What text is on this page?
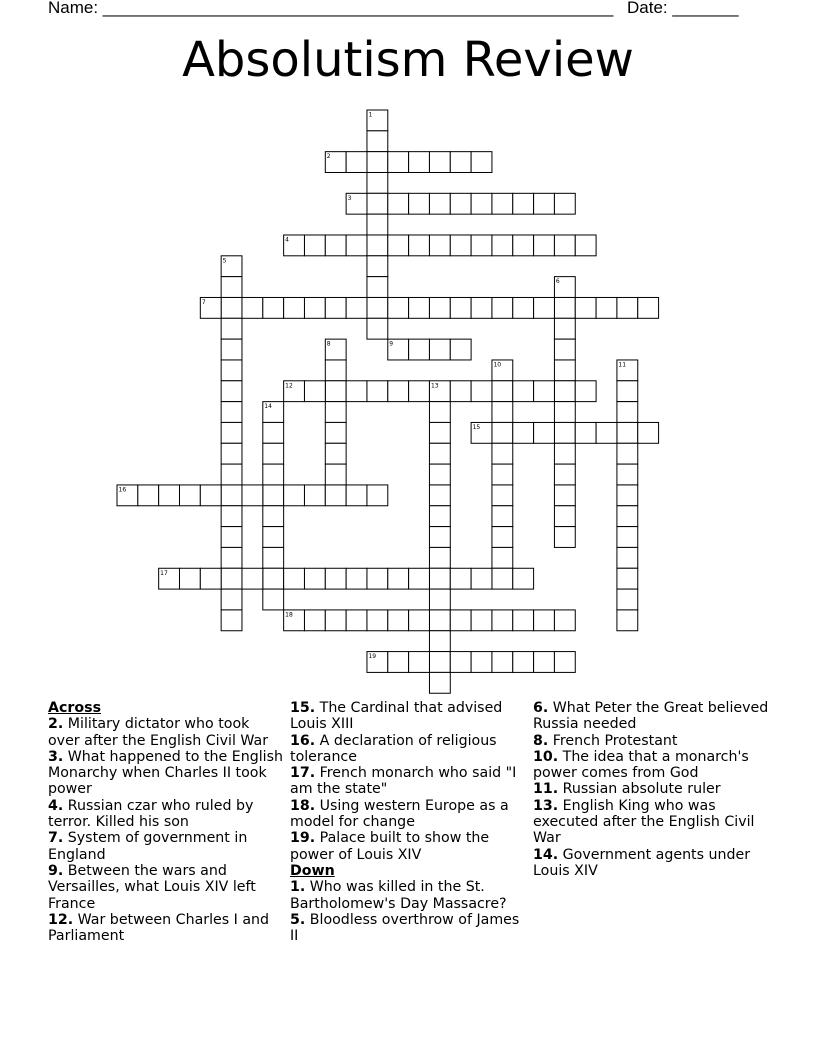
Name: ______________________________________________________ Date: _______
Absolutism Review
1
2
3
4
5
6
7
8	9
10	11
12	13
14
15
16
17
18
19
Across
2. Military dictator who took over after the English Civil War
3. What happened to the English Monarchy when Charles II took power
4. Russian czar who ruled by terror. Killed his son
7. System of government in England
9. Between the wars and Versailles, what Louis XIV left France
12. War between Charles I and Parliament
15. The Cardinal that advised Louis XIII
16. A declaration of religious tolerance
17. French monarch who said "I am the state"
18. Using western Europe as a model for change
19. Palace built to show the power of Louis XIV
Down
1. Who was killed in the St. Bartholomew's Day Massacre?
5. Bloodless overthrow of James II
6. What Peter the Great believed Russia needed
8. French Protestant
10. The idea that a monarch's power comes from God
11. Russian absolute ruler
13. English King who was executed after the English Civil War
14. Government agents under Louis XIV
